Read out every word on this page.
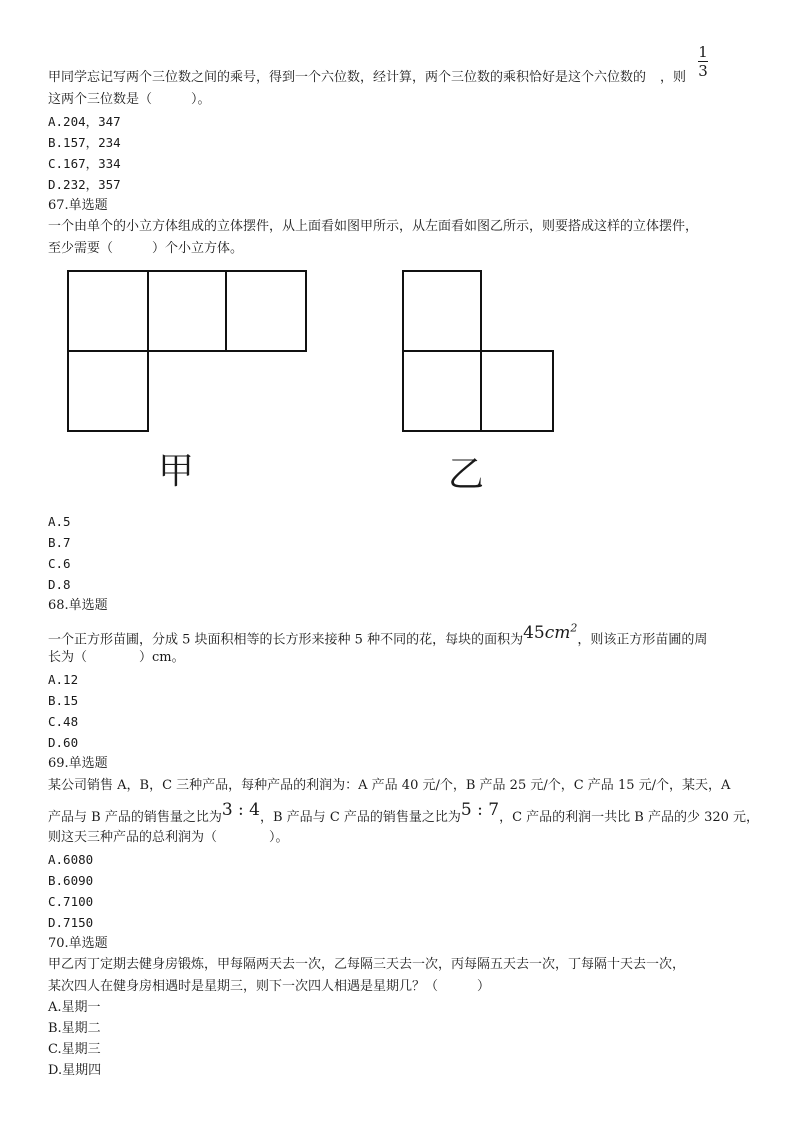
1
3
甲同学忘记写两个三位数之间的乘号，得到一个六位数，经计算，两个三位数的乘积恰好是这个六位数的 ，则
这两个三位数是（　　　）。
A.204，347
B.157，234
C.167，334
D.232，357
67.单选题
一个由单个的小立方体组成的立体摆件，从上面看如图甲所示，从左面看如图乙所示，则要搭成这样的立体摆件，
至少需要（　　　）个小立方体。
甲	乙
A.5
B.7
C.6
D.8
68.单选题
一个正方形苗圃，分成 5 块面积相等的长方形来接种 5 种不同的花，每块的面积为$45cm^2$，则该正方形苗圃的周
长为（　　　　）cm。
A.12
B.15
C.48
D.60
69.单选题
某公司销售 A，B，C 三种产品，每种产品的利润为：A 产品 40 元/个，B 产品 25 元/个，C 产品 15 元/个，某天，A
产品与 B 产品的销售量之比为3 : 4，B 产品与 C 产品的销售量之比为5 : 7，C 产品的利润一共比 B 产品的少 320 元，
则这天三种产品的总利润为（　　　　）。
A.6080
B.6090
C.7100
D.7150
70.单选题
甲乙丙丁定期去健身房锻炼，甲每隔两天去一次，乙每隔三天去一次，丙每隔五天去一次，丁每隔十天去一次，
某次四人在健身房相遇时是星期三，则下一次四人相遇是星期几？（　　　）
A.星期一
B.星期二
C.星期三
D.星期四
